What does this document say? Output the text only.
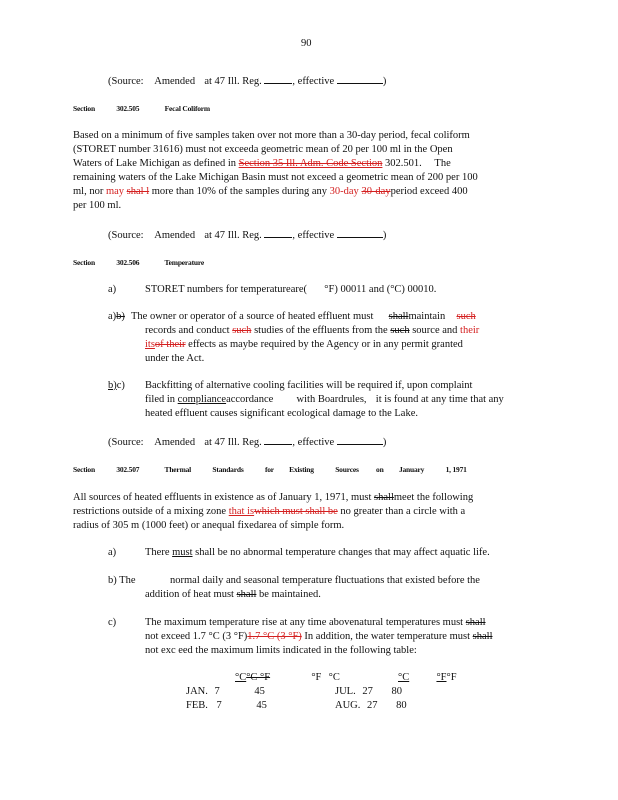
90
(Source: Amended at 47 Ill. Reg.	, effective	)
Section	302.505	Fecal Coliform
Based on a minimum of five samples taken over not more than a 30-day period, fecal coliform
(STORET number 31616) must not exceeda geometric mean of 20 per 100 ml in the Open
Waters of Lake Michigan as defined in Section 35 Ill. Adm. Code Section 302.501. The
remaining waters of the Lake Michigan Basin must not exceed a geometric mean of 200 per 100
ml, nor may shal l more than 10% of the samples during any 30-day 30-dayperiod exceed 400
per 100 ml.
(Source: Amended at 47 Ill. Reg.	, effective	)
Section	302.506	Temperature
a)	STORET numbers for temperatureare( °F) 00011 and (°C) 00010.
a)b) The owner or operator of a source of heated effluent must shallmaintain such
records and conduct such studies of the effluents from the such source and their
itsof their effects as maybe required by the Agency or in any permit granted
under the Act.
b)c) Backfitting of alternative cooling facilities will be required if, upon complaint
filed in complianceaccordance with Boardrules, it is found at any time that any
heated effluent causes significant ecological damage to the Lake.
(Source: Amended at 47 Ill. Reg.	, effective	)
Section	302.507	Thermal	Standards	for Existing	Sources on January	1, 1971
All sources of heated effluents in existence as of January 1, 1971, must shallmeet the following
restrictions outside of a mixing zone that iswhich must shall be no greater than a circle with a
radius of 305 m (1000 feet) or anequal fixedarea of simple form.
a)	There must shall be no abnormal temperature changes that may affect aquatic life.
b) The	normal daily and seasonal temperature fluctuations that existed before the
addition of heat must shall be maintained.
c)	The maximum temperature rise at any time abovenatural temperatures must shall
not exceed 1.7 °C (3 °F)1.7 °C (3 °F) In addition, the water temperature must shall
not exc eed the maximum limits indicated in the following table:
°C°C °F	°F °C	°C	°F°F
JAN. 7	45	JUL. 27 80
FEB. 7	45	AUG. 27 80
